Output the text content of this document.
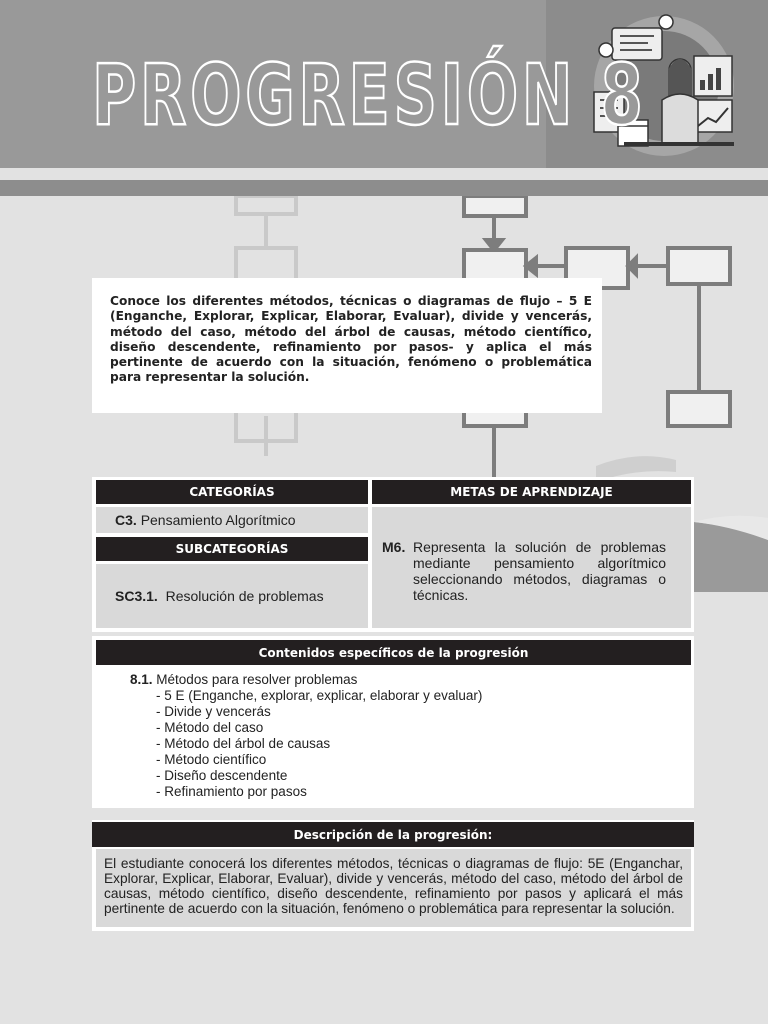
PROGRESIÓN 8

Conoce los diferentes métodos, técnicas o diagramas de flujo – 5 E (Enganche, Explorar, Explicar, Elaborar, Evaluar), divide y vencerás, método del caso, método del árbol de causas, método científico, diseño descendente, refinamiento por pasos- y aplica el más pertinente de acuerdo con la situación, fenómeno o problemática para representar la solución.

CATEGORÍAS	METAS DE APRENDIZAJE
C3. Pensamiento Algorítmico
SUBCATEGORÍAS
SC3.1. Resolución de problemas
M6. Representa la solución de problemas mediante pensamiento algorítmico seleccionando métodos, diagramas o técnicas.
Contenidos específicos de la progresión
8.1. Métodos para resolver problemas
- 5 E (Enganche, explorar, explicar, elaborar y evaluar)
- Divide y vencerás
- Método del caso
- Método del árbol de causas
- Método científico
- Diseño descendente
- Refinamiento por pasos
Descripción de la progresión:
El estudiante conocerá los diferentes métodos, técnicas o diagramas de flujo: 5E (Enganchar, Explorar, Explicar, Elaborar, Evaluar), divide y vencerás, método del caso, método del árbol de causas, método científico, diseño descendente, refinamiento por pasos y aplicará el más pertinente de acuerdo con la situación, fenómeno o problemática para representar la solución.
